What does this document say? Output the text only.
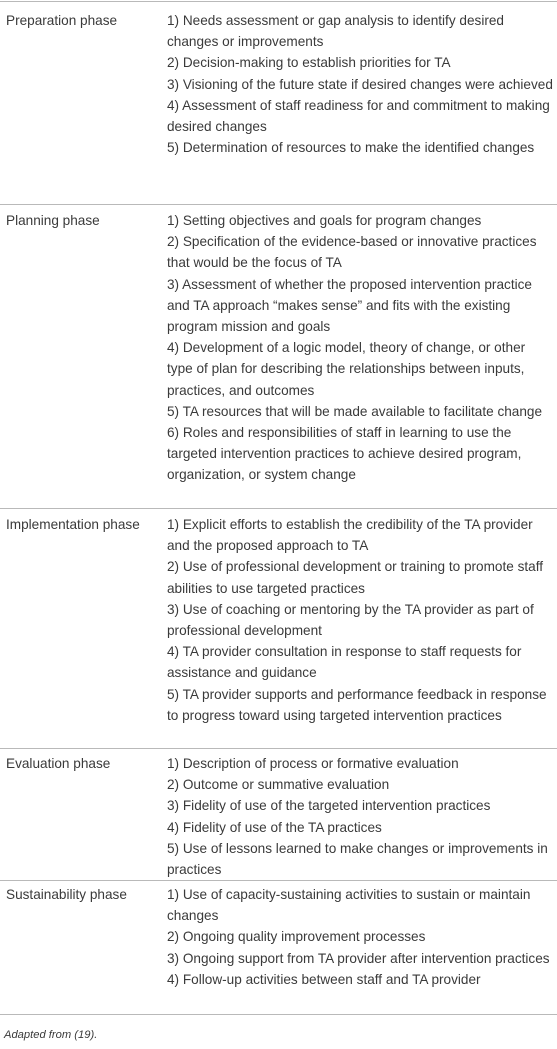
Preparation phase	1) Needs assessment or gap analysis to identify desired changes or improvements
2) Decision-making to establish priorities for TA
3) Visioning of the future state if desired changes were achieved
4) Assessment of staff readiness for and commitment to making desired changes
5) Determination of resources to make the identified changes
Planning phase	1) Setting objectives and goals for program changes
2) Specification of the evidence-based or innovative practices that would be the focus of TA
3) Assessment of whether the proposed intervention practice and TA approach “makes sense” and fits with the existing program mission and goals
4) Development of a logic model, theory of change, or other type of plan for describing the relationships between inputs, practices, and outcomes
5) TA resources that will be made available to facilitate change
6) Roles and responsibilities of staff in learning to use the targeted intervention practices to achieve desired program, organization, or system change
Implementation phase 1) Explicit efforts to establish the credibility of the TA provider and the proposed approach to TA
2) Use of professional development or training to promote staff abilities to use targeted practices
3) Use of coaching or mentoring by the TA provider as part of professional development
4) TA provider consultation in response to staff requests for assistance and guidance
5) TA provider supports and performance feedback in response to progress toward using targeted intervention practices
Evaluation phase	1) Description of process or formative evaluation
2) Outcome or summative evaluation
3) Fidelity of use of the targeted intervention practices
4) Fidelity of use of the TA practices
5) Use of lessons learned to make changes or improvements in practices
Sustainability phase	1) Use of capacity-sustaining activities to sustain or maintain changes
2) Ongoing quality improvement processes
3) Ongoing support from TA provider after intervention practices
4) Follow-up activities between staff and TA provider
Adapted from (19).
